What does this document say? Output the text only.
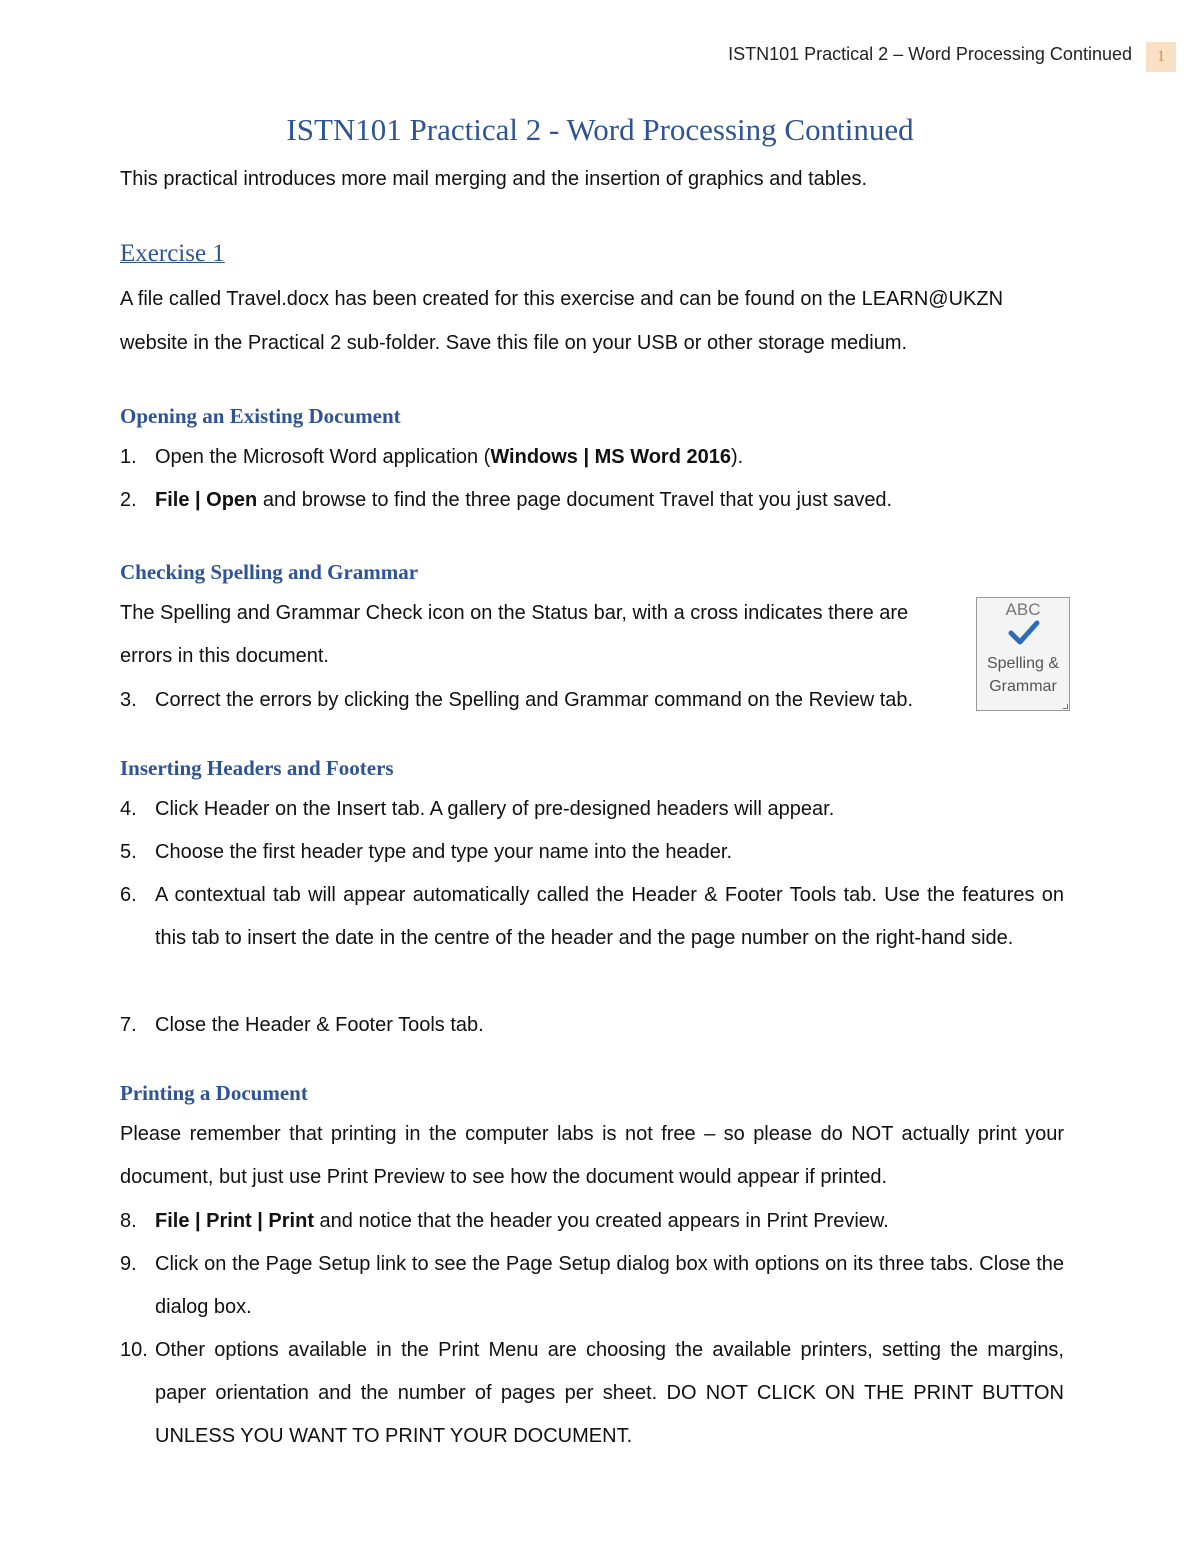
ISTN101 Practical 2 – Word Processing Continued	1
ISTN101 Practical 2 - Word Processing Continued
This practical introduces more mail merging and the insertion of graphics and tables.
Exercise 1
A file called Travel.docx has been created for this exercise and can be found on the LEARN@UKZN
website in the Practical 2 sub-folder. Save this file on your USB or other storage medium.
Opening an Existing Document
1. Open the Microsoft Word application (Windows | MS Word 2016).
2. File | Open and browse to find the three page document Travel that you just saved.
Checking Spelling and Grammar
The Spelling and Grammar Check icon on the Status bar, with a cross indicates there are
errors in this document.
3. Correct the errors by clicking the Spelling and Grammar command on the Review tab.
ABC
Spelling &
Grammar
Inserting Headers and Footers
4. Click Header on the Insert tab. A gallery of pre-designed headers will appear.
5. Choose the first header type and type your name into the header.
6. A contextual tab will appear automatically called the Header & Footer Tools tab. Use the features on this tab to insert the date in the centre of the header and the page number on the right-hand side.
7. Close the Header & Footer Tools tab.
Printing a Document
Please remember that printing in the computer labs is not free – so please do NOT actually print your document, but just use Print Preview to see how the document would appear if printed.
8. File | Print | Print and notice that the header you created appears in Print Preview.
9. Click on the Page Setup link to see the Page Setup dialog box with options on its three tabs. Close the dialog box.
10. Other options available in the Print Menu are choosing the available printers, setting the margins, paper orientation and the number of pages per sheet. DO NOT CLICK ON THE PRINT BUTTON UNLESS YOU WANT TO PRINT YOUR DOCUMENT.
